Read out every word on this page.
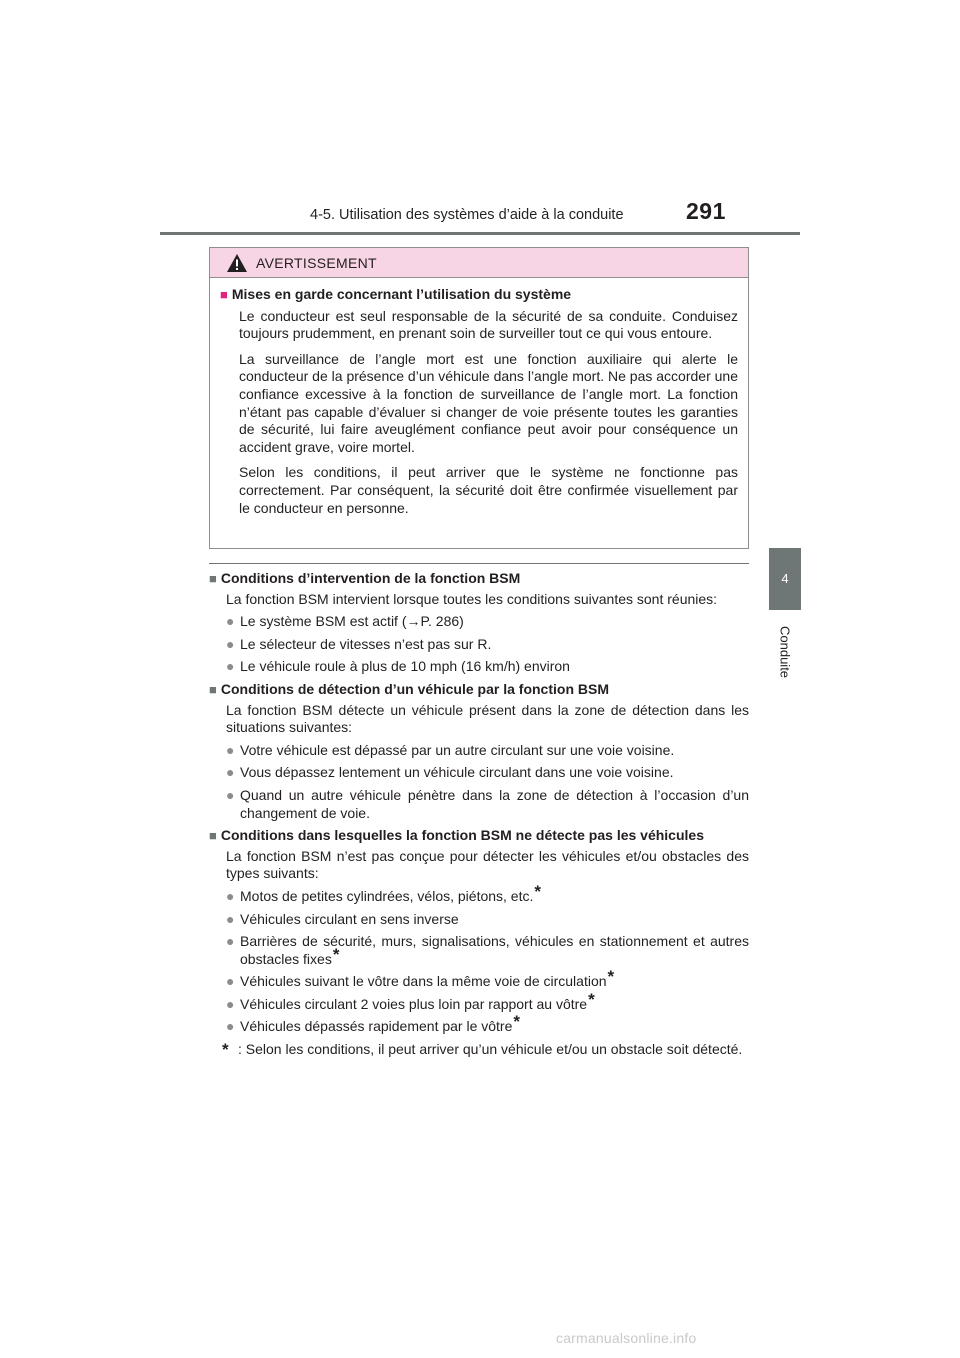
4-5. Utilisation des systèmes d’aide à la conduite	291
4
Conduite
AVERTISSEMENT
■ Mises en garde concernant l’utilisation du système

Le conducteur est seul responsable de la sécurité de sa conduite. Conduisez toujours prudemment, en prenant soin de surveiller tout ce qui vous entoure.

La surveillance de l’angle mort est une fonction auxiliaire qui alerte le conducteur de la présence d’un véhicule dans l’angle mort. Ne pas accorder une confiance excessive à la fonction de surveillance de l’angle mort. La fonction n’étant pas capable d’évaluer si changer de voie présente toutes les garanties de sécurité, lui faire aveuglément confiance peut avoir pour conséquence un accident grave, voire mortel.

Selon les conditions, il peut arriver que le système ne fonctionne pas correctement. Par conséquent, la sécurité doit être confirmée visuellement par le conducteur en personne.

■ Conditions d’intervention de la fonction BSM

La fonction BSM intervient lorsque toutes les conditions suivantes sont réunies:

● Le système BSM est actif (→P. 286)
● Le sélecteur de vitesses n’est pas sur R.
● Le véhicule roule à plus de 10 mph (16 km/h) environ
■ Conditions de détection d’un véhicule par la fonction BSM

La fonction BSM détecte un véhicule présent dans la zone de détection dans les situations suivantes:

● Votre véhicule est dépassé par un autre circulant sur une voie voisine.
● Vous dépassez lentement un véhicule circulant dans une voie voisine.
● Quand un autre véhicule pénètre dans la zone de détection à l’occasion d’un changement de voie.
■ Conditions dans lesquelles la fonction BSM ne détecte pas les véhicules

La fonction BSM n’est pas conçue pour détecter les véhicules et/ou obstacles des types suivants:

● Motos de petites cylindrées, vélos, piétons, etc.*
● Véhicules circulant en sens inverse
● Barrières de sécurité, murs, signalisations, véhicules en stationnement et autres obstacles fixes*
● Véhicules suivant le vôtre dans la même voie de circulation*
● Véhicules circulant 2 voies plus loin par rapport au vôtre*
● Véhicules dépassés rapidement par le vôtre*
* : Selon les conditions, il peut arriver qu’un véhicule et/ou un obstacle soit détecté.
carmanualsonline.info
